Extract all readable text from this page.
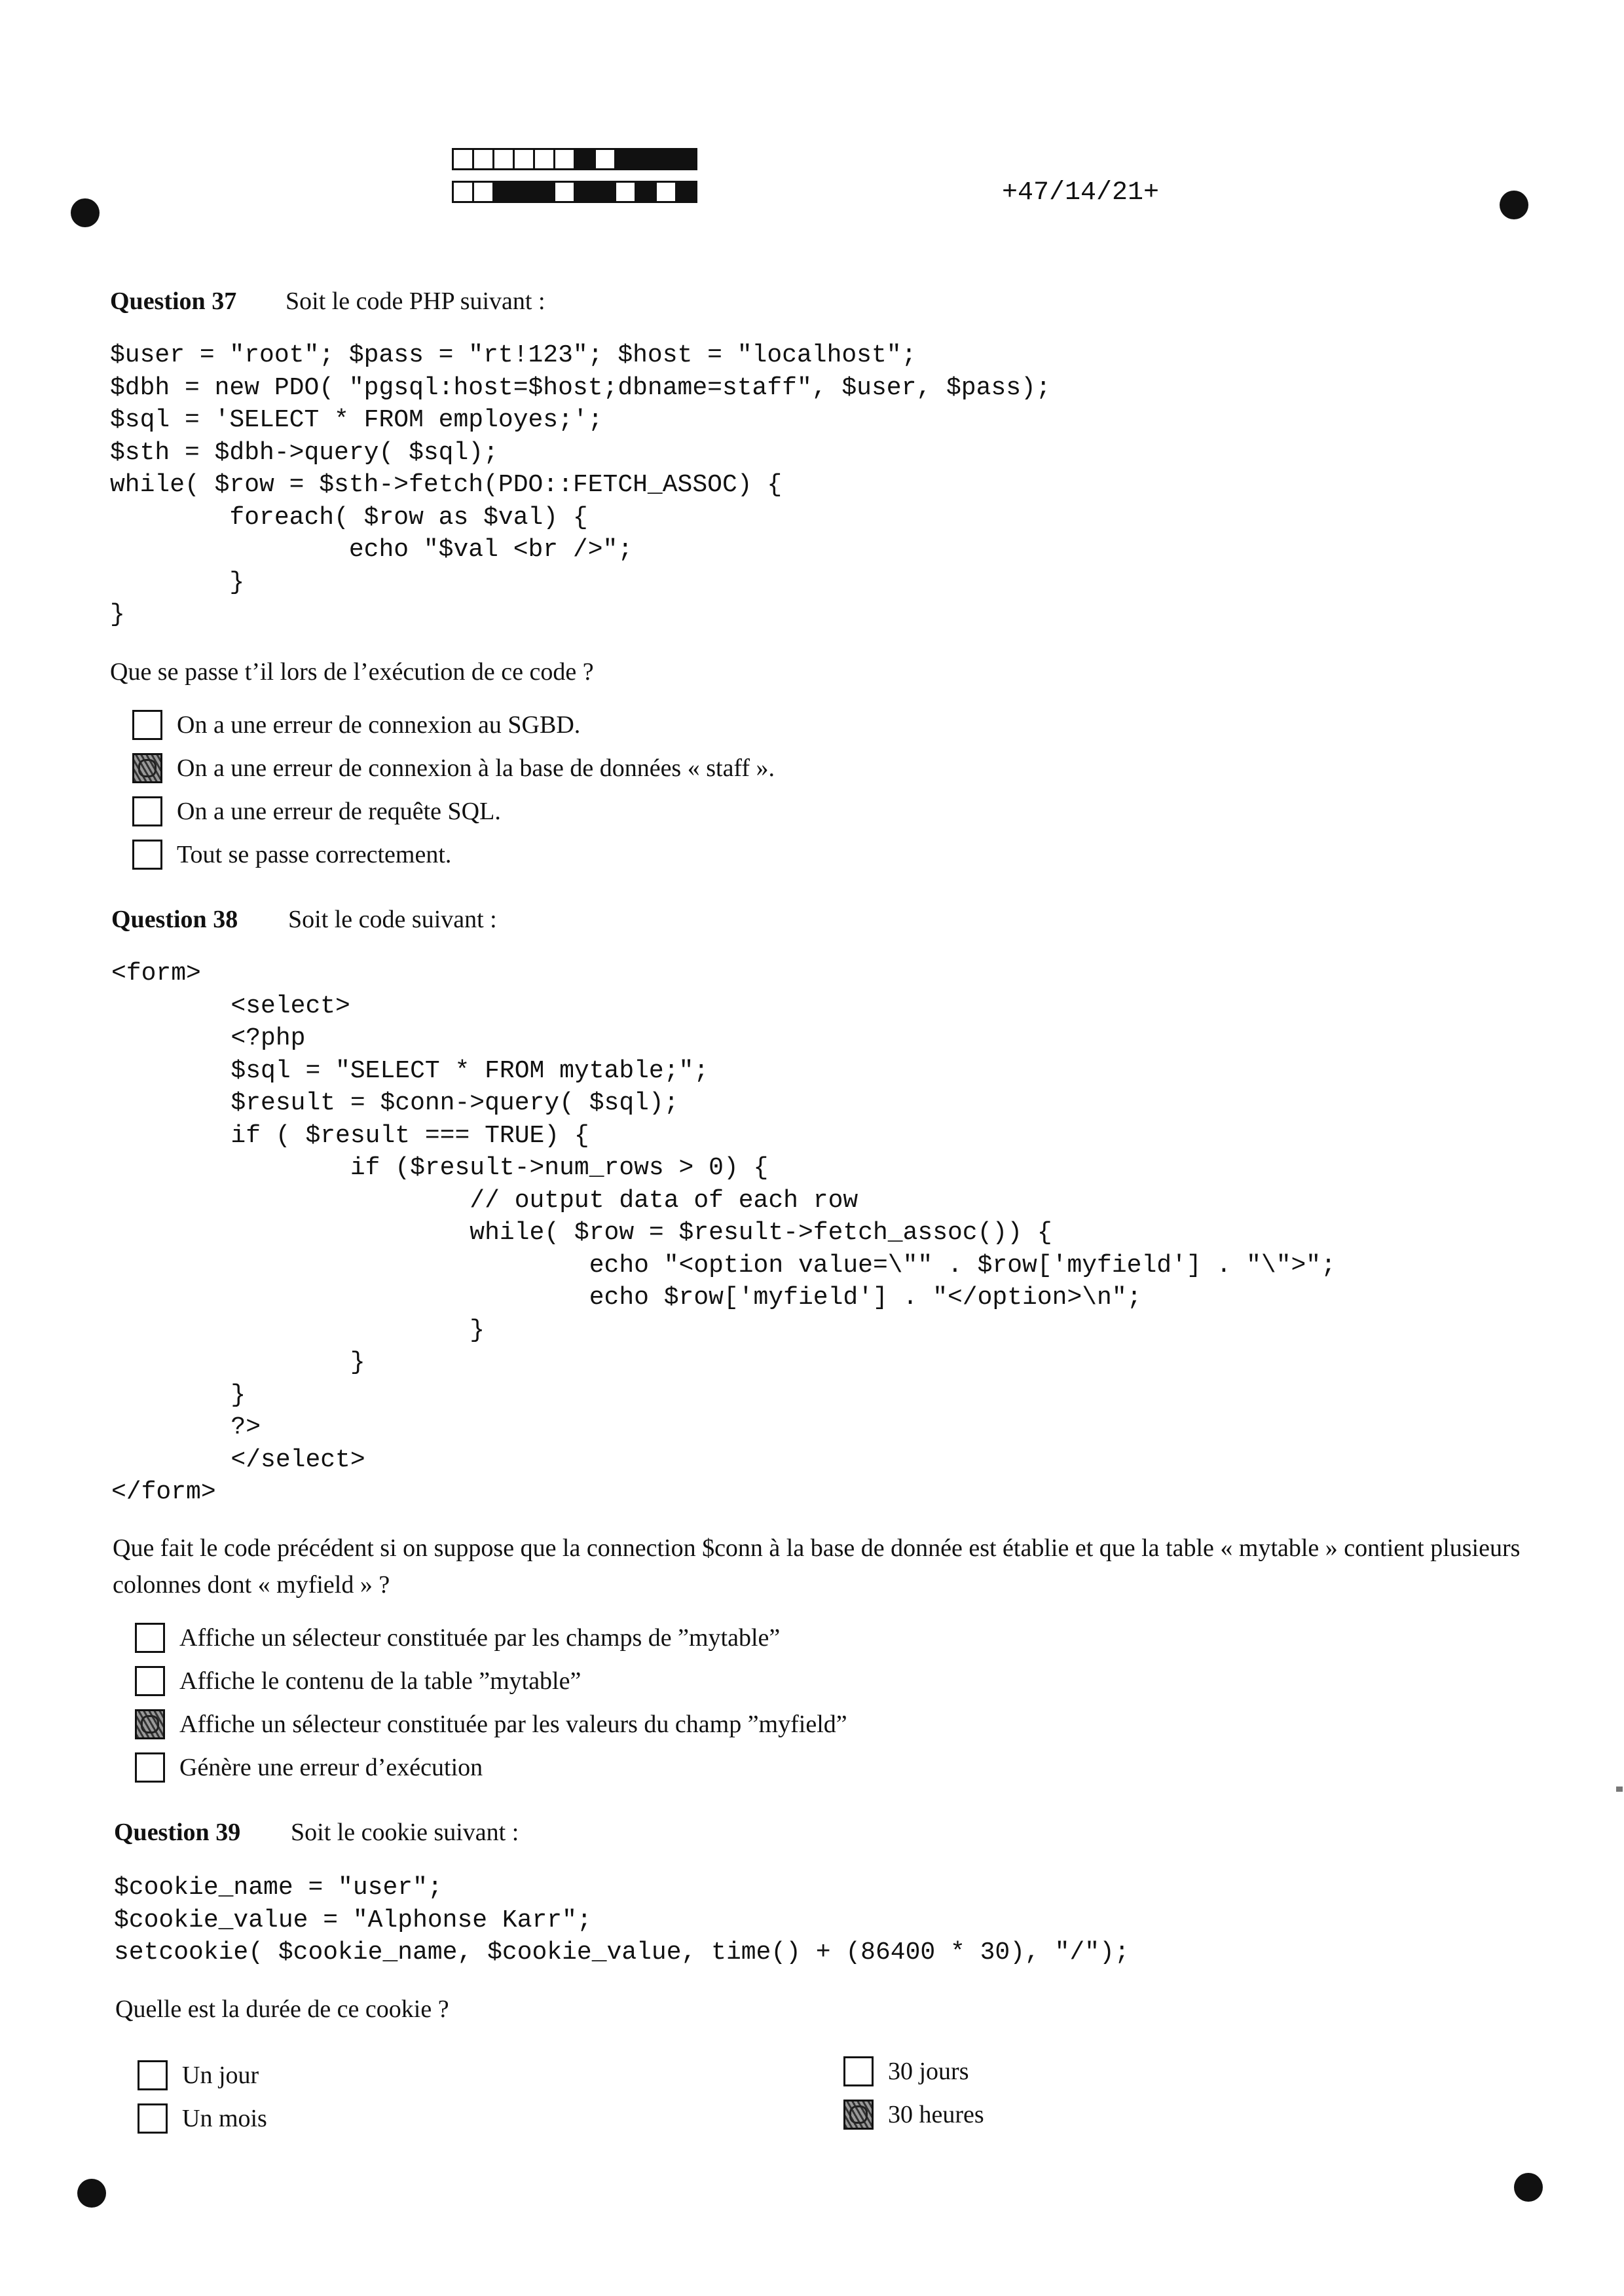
+47/14/21+
Question 37 Soit le code PHP suivant :
$user = "root"; $pass = "rt!123"; $host = "localhost";
$dbh = new PDO( "pgsql:host=$host;dbname=staff", $user, $pass);
$sql = 'SELECT * FROM employes;';
$sth = $dbh->query( $sql);
while( $row = $sth->fetch(PDO::FETCH_ASSOC) {
foreach( $row as $val) {
echo "$val <br />";
}
}
Que se passe t’il lors de l’exécution de ce code ?
On a une erreur de connexion au SGBD.
On a une erreur de connexion à la base de données « staff ».
On a une erreur de requête SQL.
Tout se passe correctement.
Question 38 Soit le code suivant :
<form>
<select>
<?php
$sql = "SELECT * FROM mytable;";
$result = $conn->query( $sql);
if ( $result === TRUE) {
if ($result->num_rows > 0) {
// output data of each row
while( $row = $result->fetch_assoc()) {
echo "<option value=\"" . $row['myfield'] . "\">";
echo $row['myfield'] . "</option>\n";
}
}
}
?>
</select>
</form>
Que fait le code précédent si on suppose que la connection $conn à la base de donnée est établie et que la table « mytable » contient plusieurs colonnes dont « myfield » ?
Affiche un sélecteur constituée par les champs de ”mytable”
Affiche le contenu de la table ”mytable”
Affiche un sélecteur constituée par les valeurs du champ ”myfield”
Génère une erreur d’exécution
Question 39 Soit le cookie suivant :
$cookie_name = "user";
$cookie_value = "Alphonse Karr";
setcookie( $cookie_name, $cookie_value, time() + (86400 * 30), "/");
Quelle est la durée de ce cookie ?
Un jour
Un mois
30 jours
30 heures
